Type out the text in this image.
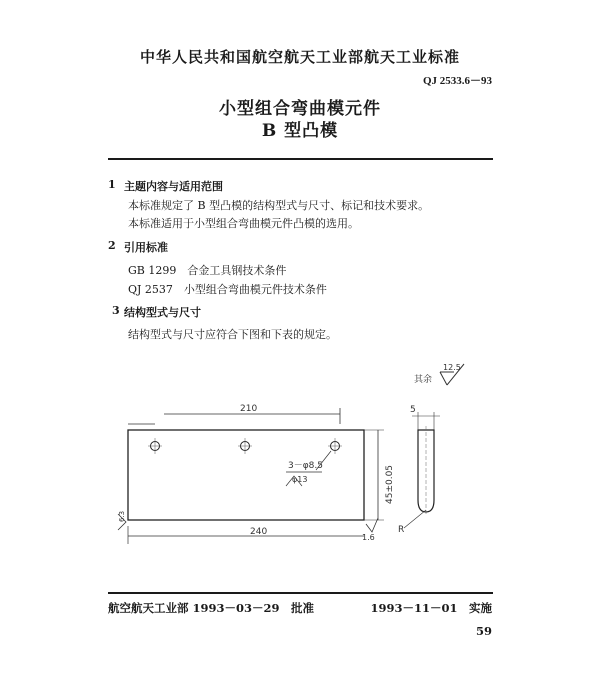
中华人民共和国航空航天工业部航天工业标准
QJ 2533.6－93
小型组合弯曲模元件
B 型凸模
1 主题内容与适用范围
本标准规定了 B 型凸模的结构型式与尺寸、标记和技术要求。
本标准适用于小型组合弯曲模元件凸模的选用。
2 引用标准
GB 1299　合金工具钢技术条件
QJ 2537　小型组合弯曲模元件技术条件
3 结构型式与尺寸
结构型式与尺寸应符合下图和下表的规定。
其余
12.5
210
3－φ8.5
φ13	45±0.05
1.6
6.3
240
5
R
航空航天工业部 1993－03－29　批准	1993－11－01　实施
59
